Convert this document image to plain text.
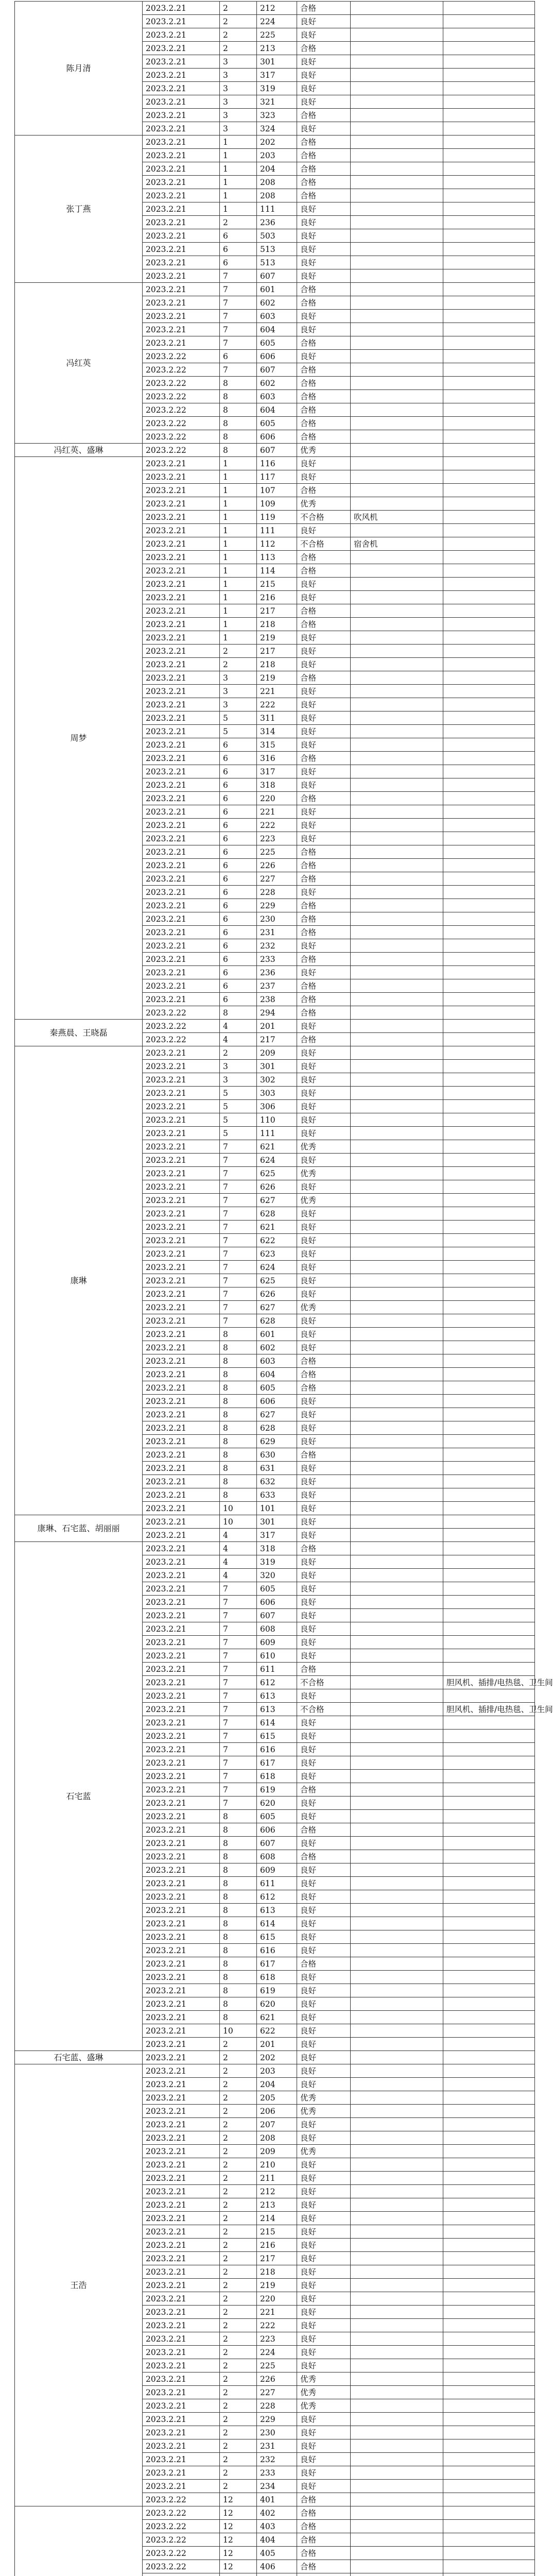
陈月清	2023.2.21	2	212	合格		
	2023.2.21	2	224	良好		
	2023.2.21	2	225	良好		
	2023.2.21	2	213	合格		
	2023.2.21	3	301	良好		
	2023.2.21	3	317	良好		
	2023.2.21	3	319	良好		
	2023.2.21	3	321	良好		
	2023.2.21	3	323	合格		
	2023.2.21	3	324	良好		
张丁燕	2023.2.21	1	202	合格		
	2023.2.21	1	203	合格		
	2023.2.21	1	204	合格		
	2023.2.21	1	208	合格		
	2023.2.21	1	208	合格		
	2023.2.21	1	111	良好		
	2023.2.21	2	236	良好		
	2023.2.21	6	503	良好		
	2023.2.21	6	513	良好		
	2023.2.21	6	513	良好		
	2023.2.21	7	607	良好		
冯红英	2023.2.21	7	601	合格		
	2023.2.21	7	602	合格		
	2023.2.21	7	603	良好		
	2023.2.21	7	604	良好		
	2023.2.21	7	605	合格		
	2023.2.22	6	606	良好		
	2023.2.22	7	607	合格		
	2023.2.22	8	602	合格		
	2023.2.22	8	603	合格		
	2023.2.22	8	604	合格		
	2023.2.22	8	605	合格		
	2023.2.22	8	606	合格		
冯红英、盛琳	2023.2.22	8	607	优秀		
周梦	2023.2.21	1	116	良好		
	2023.2.21	1	117	良好		
	2023.2.21	1	107	合格		
	2023.2.21	1	109	优秀		
	2023.2.21	1	119	不合格	吹风机	
	2023.2.21	1	111	良好		
	2023.2.21	1	112	不合格	宿舍机	
	2023.2.21	1	113	合格		
	2023.2.21	1	114	合格		
	2023.2.21	1	215	良好		
	2023.2.21	1	216	良好		
	2023.2.21	1	217	合格		
	2023.2.21	1	218	合格		
	2023.2.21	1	219	良好		
	2023.2.21	2	217	良好		
	2023.2.21	2	218	良好		
	2023.2.21	3	219	合格		
	2023.2.21	3	221	良好		
	2023.2.21	3	222	良好		
	2023.2.21	5	311	良好		
	2023.2.21	5	314	良好		
	2023.2.21	6	315	良好		
	2023.2.21	6	316	合格		
	2023.2.21	6	317	良好		
	2023.2.21	6	318	良好		
	2023.2.21	6	220	合格		
	2023.2.21	6	221	良好		
	2023.2.21	6	222	良好		
	2023.2.21	6	223	良好		
	2023.2.21	6	225	合格		
	2023.2.21	6	226	合格		
	2023.2.21	6	227	合格		
	2023.2.21	6	228	良好		
	2023.2.21	6	229	合格		
	2023.2.21	6	230	合格		
	2023.2.21	6	231	合格		
	2023.2.21	6	232	良好		
	2023.2.21	6	233	合格		
	2023.2.21	6	236	良好		
	2023.2.21	6	237	合格		
	2023.2.21	6	238	合格		
	2023.2.22	8	294	合格		
秦燕晨、王晓磊	2023.2.22	4	201	良好		
	2023.2.22	4	217	合格		
康琳	2023.2.21	2	209	良好		
	2023.2.21	3	301	良好		
	2023.2.21	3	302	良好		
	2023.2.21	5	303	良好		
	2023.2.21	5	306	良好		
	2023.2.21	5	110	良好		
	2023.2.21	5	111	良好		
	2023.2.21	7	621	优秀		
	2023.2.21	7	624	良好		
	2023.2.21	7	625	优秀		
	2023.2.21	7	626	良好		
	2023.2.21	7	627	优秀		
	2023.2.21	7	628	良好		
	2023.2.21	7	621	良好		
	2023.2.21	7	622	良好		
	2023.2.21	7	623	良好		
	2023.2.21	7	624	良好		
	2023.2.21	7	625	良好		
	2023.2.21	7	626	良好		
	2023.2.21	7	627	优秀		
	2023.2.21	7	628	良好		
	2023.2.21	8	601	良好		
	2023.2.21	8	602	良好		
	2023.2.21	8	603	合格		
	2023.2.21	8	604	合格		
	2023.2.21	8	605	合格		
	2023.2.21	8	606	良好		
	2023.2.21	8	627	良好		
	2023.2.21	8	628	良好		
	2023.2.21	8	629	良好		
	2023.2.21	8	630	合格		
	2023.2.21	8	631	良好		
	2023.2.21	8	632	良好		
	2023.2.21	8	633	良好		
	2023.2.21	10	101	良好		
康琳、石宅蓝、胡丽丽	2023.2.21	10	301	良好		
	2023.2.21	4	317	良好		
石宅蓝	2023.2.21	4	318	合格		
	2023.2.21	4	319	良好		
	2023.2.21	4	320	良好		
	2023.2.21	7	605	良好		
	2023.2.21	7	606	良好		
	2023.2.21	7	607	良好		
	2023.2.21	7	608	良好		
	2023.2.21	7	609	良好		
	2023.2.21	7	610	良好		
	2023.2.21	7	611	合格		
	2023.2.21	7	612	不合格		胆风机、插排/电热毯、卫生间
	2023.2.21	7	613	良好		
	2023.2.21	7	613	不合格		胆风机、插排/电热毯、卫生间
	2023.2.21	7	614	良好		
	2023.2.21	7	615	良好		
	2023.2.21	7	616	良好		
	2023.2.21	7	617	良好		
	2023.2.21	7	618	良好		
	2023.2.21	7	619	合格		
	2023.2.21	7	620	良好		
	2023.2.21	8	605	良好		
	2023.2.21	8	606	合格		
	2023.2.21	8	607	良好		
	2023.2.21	8	608	合格		
	2023.2.21	8	609	良好		
	2023.2.21	8	611	良好		
	2023.2.21	8	612	良好		
	2023.2.21	8	613	良好		
	2023.2.21	8	614	良好		
	2023.2.21	8	615	良好		
	2023.2.21	8	616	良好		
	2023.2.21	8	617	合格		
	2023.2.21	8	618	良好		
	2023.2.21	8	619	良好		
	2023.2.21	8	620	良好		
	2023.2.21	8	621	良好		
	2023.2.21	10	622	良好		
	2023.2.21	2	201	良好		
石宅蓝、盛琳	2023.2.21	2	202	良好		
王浩	2023.2.21	2	203	良好		
	2023.2.21	2	204	良好		
	2023.2.21	2	205	优秀		
	2023.2.21	2	206	优秀		
	2023.2.21	2	207	良好		
	2023.2.21	2	208	良好		
	2023.2.21	2	209	优秀		
	2023.2.21	2	210	良好		
	2023.2.21	2	211	良好		
	2023.2.21	2	212	良好		
	2023.2.21	2	213	良好		
	2023.2.21	2	214	良好		
	2023.2.21	2	215	良好		
	2023.2.21	2	216	良好		
	2023.2.21	2	217	良好		
	2023.2.21	2	218	良好		
	2023.2.21	2	219	良好		
	2023.2.21	2	220	良好		
	2023.2.21	2	221	良好		
	2023.2.21	2	222	良好		
	2023.2.21	2	223	良好		
	2023.2.21	2	224	良好		
	2023.2.21	2	225	良好		
	2023.2.21	2	226	优秀		
	2023.2.21	2	227	优秀		
	2023.2.21	2	228	优秀		
	2023.2.21	2	229	良好		
	2023.2.21	2	230	良好		
	2023.2.21	2	231	良好		
	2023.2.21	2	232	良好		
	2023.2.21	2	233	良好		
	2023.2.21	2	234	良好		
	2023.2.22	12	401	合格		
	2023.2.22	12	402	合格		
	2023.2.22	12	403	合格		
	2023.2.22	12	404	合格		
	2023.2.22	12	405	合格		
	2023.2.22	12	406	合格		
